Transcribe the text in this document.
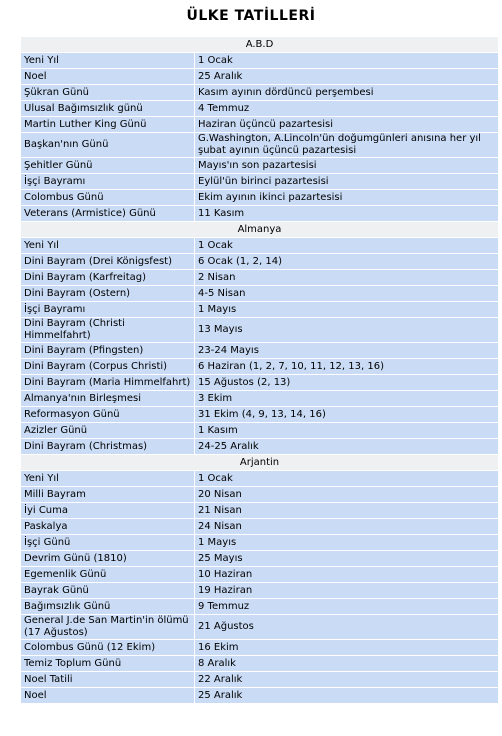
ÜLKE TATİLLERİ
A.B.D	
Yeni Yıl	1 Ocak
Noel	25 Aralık
Şükran Günü	Kasım ayının dördüncü perşembesi
Ulusal Bağımsızlık günü	4 Temmuz
Martin Luther King Günü	Haziran üçüncü pazartesisi
Başkan'nın Günü	G.Washington, A.Lincoln'ün doğumgünleri anısına her yıl şubat ayının üçüncü pazartesisi
Şehitler Günü	Mayıs'ın son pazartesisi
İşçi Bayramı	Eylül'ün birinci pazartesisi
Colombus Günü	Ekim ayının ikinci pazartesisi
Veterans (Armistice) Günü	11 Kasım
Almanya	
Yeni Yıl	1 Ocak
Dini Bayram (Drei Königsfest)	6 Ocak (1, 2, 14)
Dini Bayram (Karfreitag)	2 Nisan
Dini Bayram (Ostern)	4-5 Nisan
İşçi Bayramı	1 Mayıs
Dini Bayram (Christi Himmelfahrt)	13 Mayıs
Dini Bayram (Pfingsten)	23-24 Mayıs
Dini Bayram (Corpus Christi)	6 Haziran (1, 2, 7, 10, 11, 12, 13, 16)
Dini Bayram (Maria Himmelfahrt)	15 Ağustos (2, 13)
Almanya'nın Birleşmesi	3 Ekim
Reformasyon Günü	31 Ekim (4, 9, 13, 14, 16)
Azizler Günü	1 Kasım
Dini Bayram (Christmas)	24-25 Aralık
Arjantin	
Yeni Yıl	1 Ocak
Milli Bayram	20 Nisan
İyi Cuma	21 Nisan
Paskalya	24 Nisan
İşçi Günü	1 Mayıs
Devrim Günü (1810)	25 Mayıs
Egemenlik Günü	10 Haziran
Bayrak Günü	19 Haziran
Bağımsızlık Günü	9 Temmuz
General J.de San Martin'in ölümü (17 Ağustos)	21 Ağustos
Colombus Günü (12 Ekim)	16 Ekim
Temiz Toplum Günü	8 Aralık
Noel Tatili	22 Aralık
Noel	25 Aralık
